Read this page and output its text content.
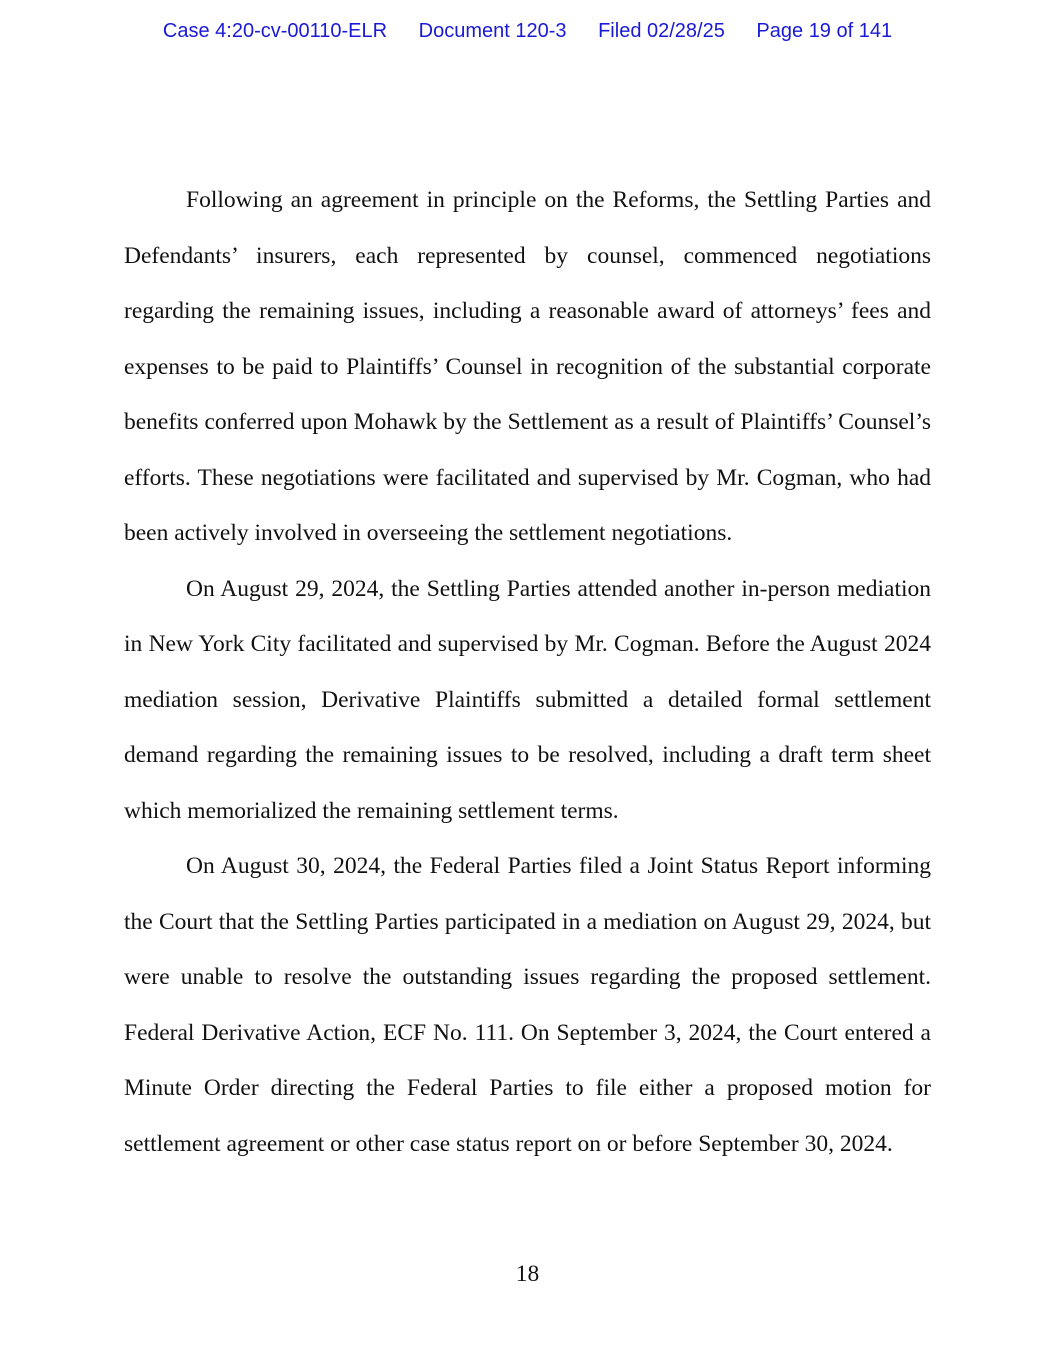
Case 4:20-cv-00110-ELR Document 120-3 Filed 02/28/25 Page 19 of 141

Following an agreement in principle on the Reforms, the Settling Parties and Defendants’ insurers, each represented by counsel, commenced negotiations regarding the remaining issues, including a reasonable award of attorneys’ fees and expenses to be paid to Plaintiffs’ Counsel in recognition of the substantial corporate benefits conferred upon Mohawk by the Settlement as a result of Plaintiffs’ Counsel’s efforts. These negotiations were facilitated and supervised by Mr. Cogman, who had been actively involved in overseeing the settlement negotiations.

On August 29, 2024, the Settling Parties attended another in-person mediation in New York City facilitated and supervised by Mr. Cogman. Before the August 2024 mediation session, Derivative Plaintiffs submitted a detailed formal settlement demand regarding the remaining issues to be resolved, including a draft term sheet which memorialized the remaining settlement terms.

On August 30, 2024, the Federal Parties filed a Joint Status Report informing the Court that the Settling Parties participated in a mediation on August 29, 2024, but were unable to resolve the outstanding issues regarding the proposed settlement. Federal Derivative Action, ECF No. 111. On September 3, 2024, the Court entered a Minute Order directing the Federal Parties to file either a proposed motion for settlement agreement or other case status report on or before September 30, 2024.

18
